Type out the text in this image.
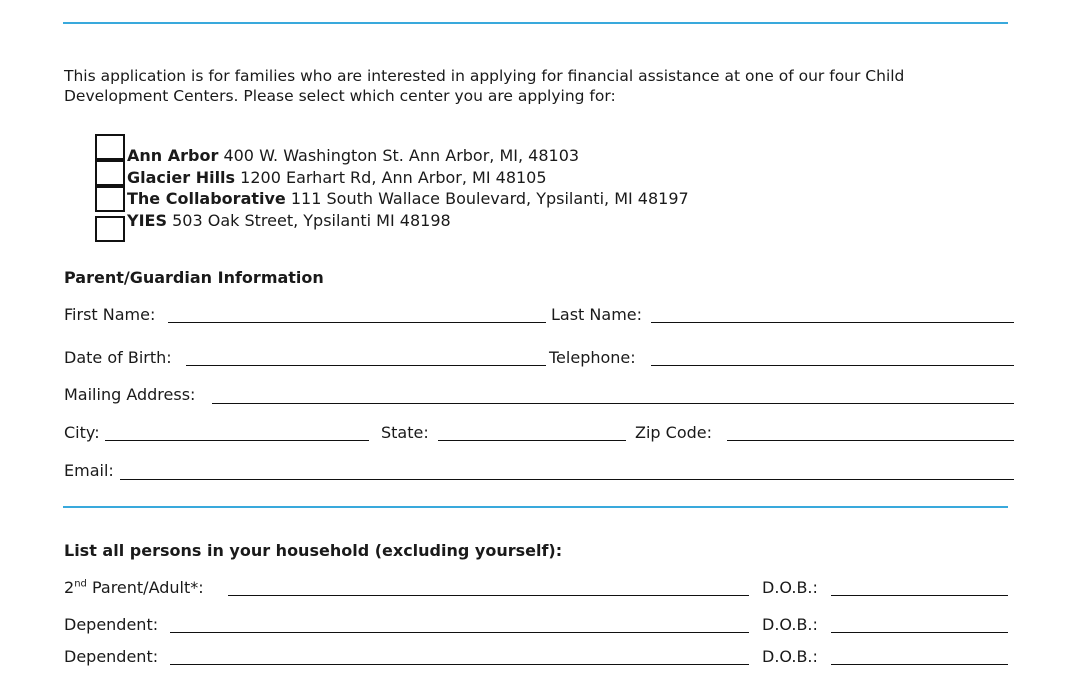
This application is for families who are interested in applying for financial assistance at one of our four Child Development Centers. Please select which center you are applying for:
Ann Arbor 400 W. Washington St. Ann Arbor, MI, 48103
Glacier Hills 1200 Earhart Rd, Ann Arbor, MI 48105
The Collaborative 111 South Wallace Boulevard, Ypsilanti, MI 48197
YIES 503 Oak Street, Ypsilanti MI 48198
Parent/Guardian Information
First Name:	Last Name:
Date of Birth:	Telephone:
Mailing Address:
City:	State:	Zip Code:
Email:
List all persons in your household (excluding yourself):
2nd Parent/Adult*:	D.O.B.:
Dependent:	D.O.B.:
Dependent:	D.O.B.:
